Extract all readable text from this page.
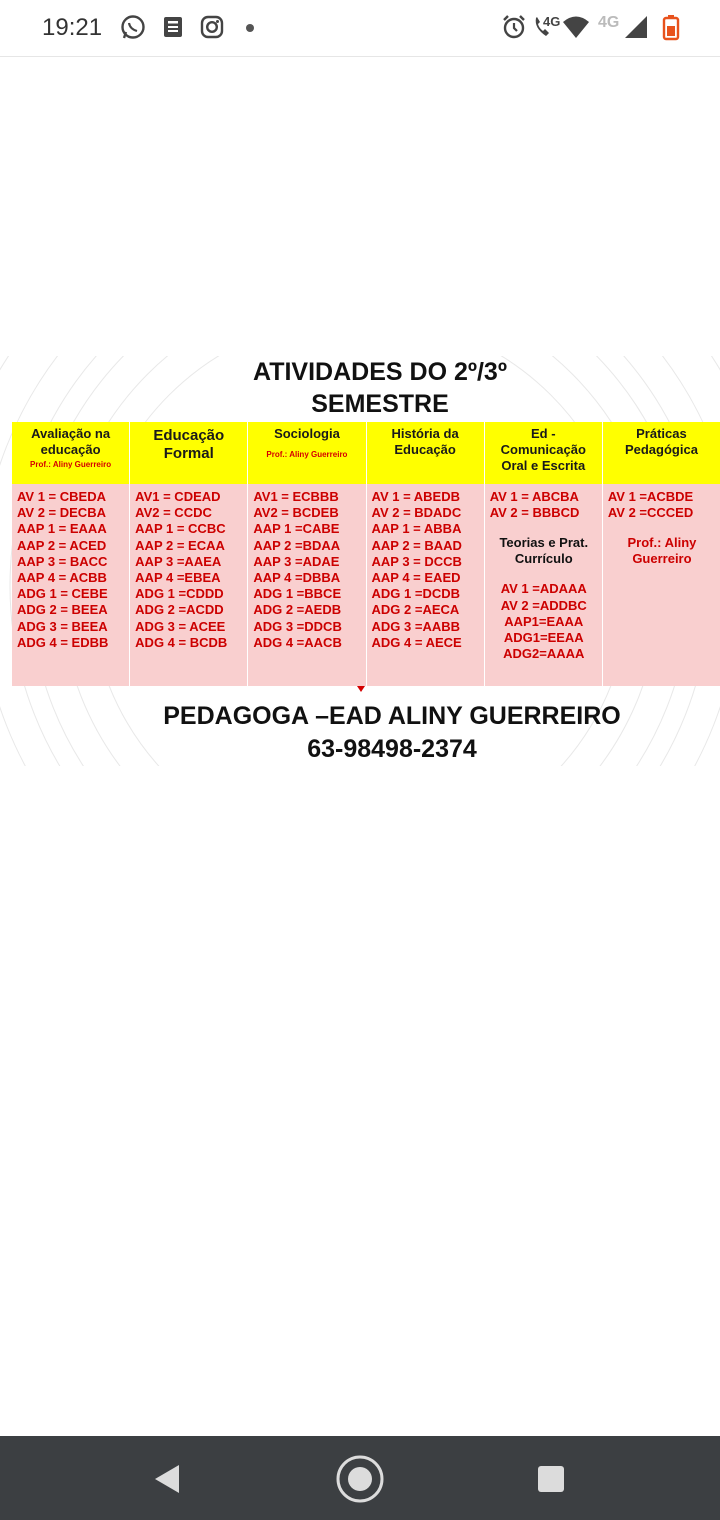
19:21	4G 4G
ATIVIDADES DO 2º/3º
SEMESTRE
Avaliação na
educação
Prof.: Aliny Guerreiro
AV 1 = CBEDA
AV 2 = DECBA
AAP 1 = EAAA
AAP 2 = ACED
AAP 3 = BACC
AAP 4 = ACBB
ADG 1 = CEBE
ADG 2 = BEEA
ADG 3 = BEEA
ADG 4 = EDBB
Educação
Formal
AV1 = CDEAD
AV2 = CCDC
AAP 1 = CCBC
AAP 2 = ECAA
AAP 3 =AAEA
AAP 4 =EBEA
ADG 1 =CDDD
ADG 2 =ACDD
ADG 3 = ACEE
ADG 4 = BCDB
Sociologia
Prof.: Aliny Guerreiro
AV1 = ECBBB
AV2 = BCDEB
AAP 1 =CABE
AAP 2 =BDAA
AAP 3 =ADAE
AAP 4 =DBBA
ADG 1 =BBCE
ADG 2 =AEDB
ADG 3 =DDCB
ADG 4 =AACB
História da
Educação
AV 1 = ABEDB
AV 2 = BDADC
AAP 1 = ABBA
AAP 2 = BAAD
AAP 3 = DCCB
AAP 4 = EAED
ADG 1 =DCDB
ADG 2 =AECA
ADG 3 =AABB
ADG 4 = AECE
Ed -
Comunicação
Oral e Escrita
AV 1 = ABCBA
AV 2 = BBBCD
Teorias e Prat.
Currículo
AV 1 =ADAAA
AV 2 =ADDBC
AAP1=EAAA
ADG1=EEAA
ADG2=AAAA
Práticas
Pedagógica
AV 1 =ACBDE
AV 2 =CCCED
Prof.: Aliny
Guerreiro
PEDAGOGA –EAD ALINY GUERREIRO
63-98498-2374
